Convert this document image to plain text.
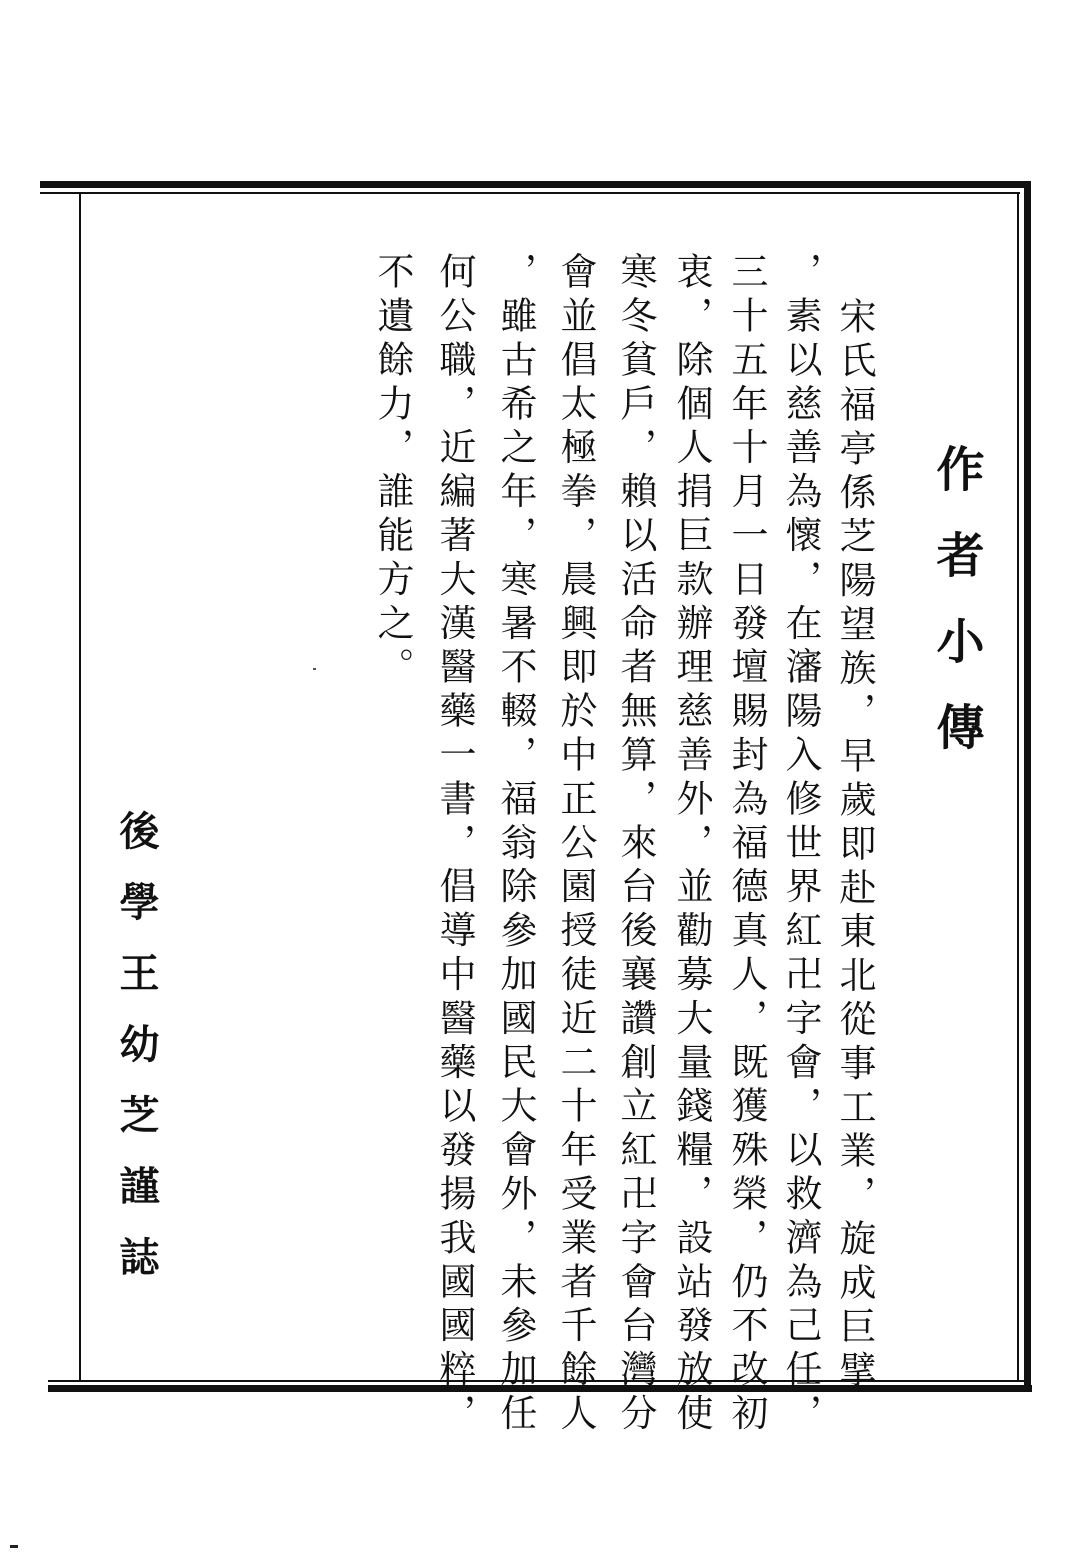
作者小傳
宋氏福亭係芝陽望族，早歲即赴東北從事工業，旋成巨擘
，素以慈善為懷，在瀋陽入修世界紅卍字會，以救濟為己任，
三十五年十月一日發壇賜封為福德真人，既獲殊榮，仍不改初
衷，除個人捐巨款辦理慈善外，並勸募大量錢糧，設站發放使
寒冬貧戶，賴以活命者無算，來台後襄讚創立紅卍字會台灣分
會並倡太極拳，晨興即於中正公園授徒近二十年受業者千餘人
，雖古希之年，寒暑不輟，福翁除參加國民大會外，未參加任
何公職，近編著大漢醫藥一書，倡導中醫藥以發揚我國國粹，
不遺餘力，誰能方之。
後學王幼芝謹誌
